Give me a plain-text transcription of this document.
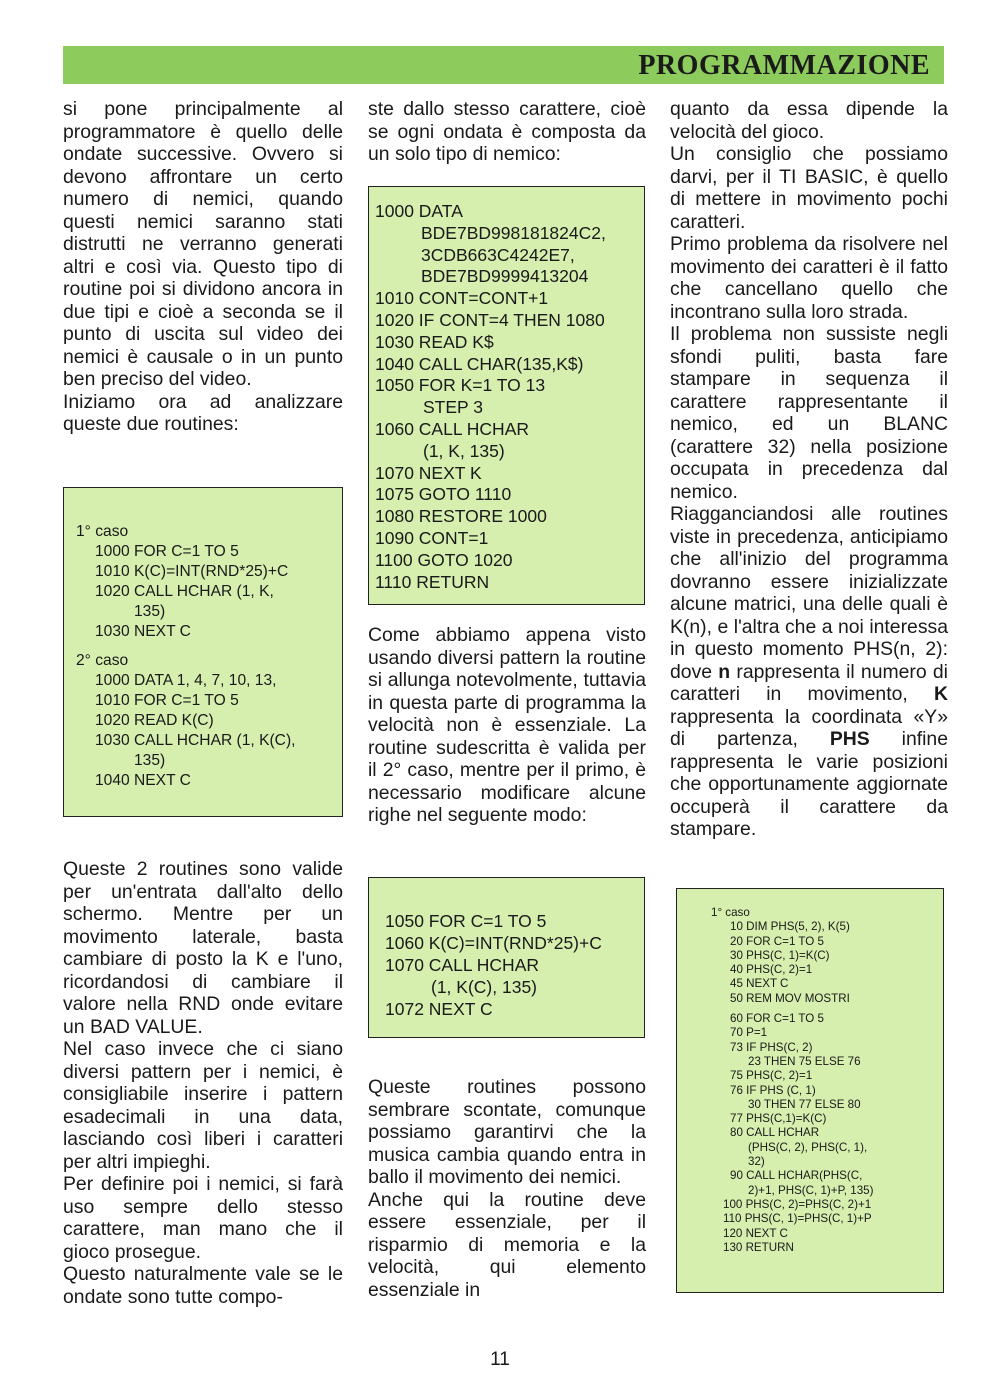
PROGRAMMAZIONE

si pone principalmente al programmatore è quello delle ondate successive. Ovvero si devono affrontare un certo numero di nemici, quando questi nemici saranno stati distrutti ne verranno generati altri e così via. Questo tipo di routine poi si dividono ancora in due tipi e cioè a seconda se il punto di uscita sul video dei nemici è causale o in un punto ben preciso del video.

Iniziamo ora ad analizzare queste due routines:

1° caso
1000 FOR C=1 TO 5
1010 K(C)=INT(RND*25)+C
1020 CALL HCHAR (1, K,
135)
1030 NEXT C
2° caso
1000 DATA 1, 4, 7, 10, 13,
1010 FOR C=1 TO 5
1020 READ K(C)
1030 CALL HCHAR (1, K(C),
135)
1040 NEXT C

Queste 2 routines sono valide per un'entrata dall'alto dello schermo. Mentre per un movimento laterale, basta cambiare di posto la K e l'uno, ricordandosi di cambiare il valore nella RND onde evitare un BAD VALUE.

Nel caso invece che ci siano diversi pattern per i nemici, è consigliabile inserire i pattern esadecimali in una data, lasciando così liberi i caratteri per altri impieghi.

Per definire poi i nemici, si farà uso sempre dello stesso carattere, man mano che il gioco prosegue.

Questo naturalmente vale se le ondate sono tutte compo-

ste dallo stesso carattere, cioè se ogni ondata è composta da un solo tipo di nemico:

1000 DATA
BDE7BD998181824C2,
3CDB663C4242E7,
BDE7BD9999413204
1010 CONT=CONT+1
1020 IF CONT=4 THEN 1080
1030 READ K$
1040 CALL CHAR(135,K$)
1050 FOR K=1 TO 13
STEP 3
1060 CALL HCHAR
(1, K, 135)
1070 NEXT K
1075 GOTO 1110
1080 RESTORE 1000
1090 CONT=1
1100 GOTO 1020
1110 RETURN

Come abbiamo appena visto usando diversi pattern la routine si allunga notevolmente, tuttavia in questa parte di programma la velocità non è essenziale. La routine sudescritta è valida per il 2° caso, mentre per il primo, è necessario modificare alcune righe nel seguente modo:

1050 FOR C=1 TO 5
1060 K(C)=INT(RND*25)+C
1070 CALL HCHAR
(1, K(C), 135)
1072 NEXT C

Queste routines possono sembrare scontate, comunque possiamo garantirvi che la musica cambia quando entra in ballo il movimento dei nemici.

Anche qui la routine deve essere essenziale, per il risparmio di memoria e la velocità, qui elemento essenziale in

quanto da essa dipende la velocità del gioco.

Un consiglio che possiamo darvi, per il TI BASIC, è quello di mettere in movimento pochi caratteri.

Primo problema da risolvere nel movimento dei caratteri è il fatto che cancellano quello che incontrano sulla loro strada.

Il problema non sussiste negli sfondi puliti, basta fare stampare in sequenza il carattere rappresentante il nemico, ed un BLANC (carattere 32) nella posizione occupata in precedenza dal nemico.

Riagganciandosi alle routines viste in precedenza, anticipiamo che all'inizio del programma dovranno essere inizializzate alcune matrici, una delle quali è K(n), e l'altra che a noi interessa in questo momento PHS(n, 2): dove n rappresenta il numero di caratteri in movimento, K rappresenta la coordinata «Y» di partenza, PHS infine rappresenta le varie posizioni che opportunamente aggiornate occuperà il carattere da stampare.

1° caso
10 DIM PHS(5, 2), K(5)
20 FOR C=1 TO 5
30 PHS(C, 1)=K(C)
40 PHS(C, 2)=1
45 NEXT C
50 REM MOV MOSTRI
60 FOR C=1 TO 5
70 P=1
73 IF PHS(C, 2)
23 THEN 75 ELSE 76
75 PHS(C, 2)=1
76 IF PHS (C, 1)
30 THEN 77 ELSE 80
77 PHS(C,1)=K(C)
80 CALL HCHAR
(PHS(C, 2), PHS(C, 1),
32)
90 CALL HCHAR(PHS(C,
2)+1, PHS(C, 1)+P, 135)
100 PHS(C, 2)=PHS(C, 2)+1
110 PHS(C, 1)=PHS(C, 1)+P
120 NEXT C
130 RETURN
11
